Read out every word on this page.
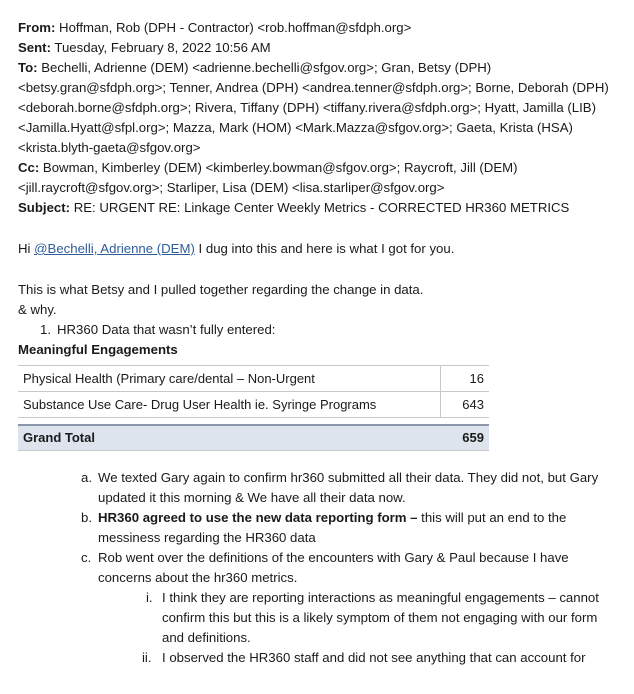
From: Hoffman, Rob (DPH - Contractor) <rob.hoffman@sfdph.org>

Sent: Tuesday, February 8, 2022 10:56 AM

To: Bechelli, Adrienne (DEM) <adrienne.bechelli@sfgov.org>; Gran, Betsy (DPH) <betsy.gran@sfdph.org>; Tenner, Andrea (DPH) <andrea.tenner@sfdph.org>; Borne, Deborah (DPH) <deborah.borne@sfdph.org>; Rivera, Tiffany (DPH) <tiffany.rivera@sfdph.org>; Hyatt, Jamilla (LIB) <Jamilla.Hyatt@sfpl.org>; Mazza, Mark (HOM) <Mark.Mazza@sfgov.org>; Gaeta, Krista (HSA) <krista.blyth-gaeta@sfgov.org>

Cc: Bowman, Kimberley (DEM) <kimberley.bowman@sfgov.org>; Raycroft, Jill (DEM) <jill.raycroft@sfgov.org>; Starliper, Lisa (DEM) <lisa.starliper@sfgov.org>

Subject: RE: URGENT RE: Linkage Center Weekly Metrics - CORRECTED HR360 METRICS

Hi @Bechelli, Adrienne (DEM) I dug into this and here is what I got for you.

This is what Betsy and I pulled together regarding the change in data.

& why.

1. HR360 Data that wasn’t fully entered:
Meaningful Engagements
Physical Health (Primary care/dental – Non-Urgent	16
Substance Use Care- Drug User Health ie. Syringe Programs	643

Grand Total	659
a. We texted Gary again to confirm hr360 submitted all their data. They did not, but Gary updated it this morning & We have all their data now.
b. HR360 agreed to use the new data reporting form – this will put an end to the messiness regarding the HR360 data
c. Rob went over the definitions of the encounters with Gary & Paul because I have concerns about the hr360 metrics.
i. I think they are reporting interactions as meaningful engagements – cannot confirm this but this is a likely symptom of them not engaging with our form and definitions.
ii. I observed the HR360 staff and did not see anything that can account for
